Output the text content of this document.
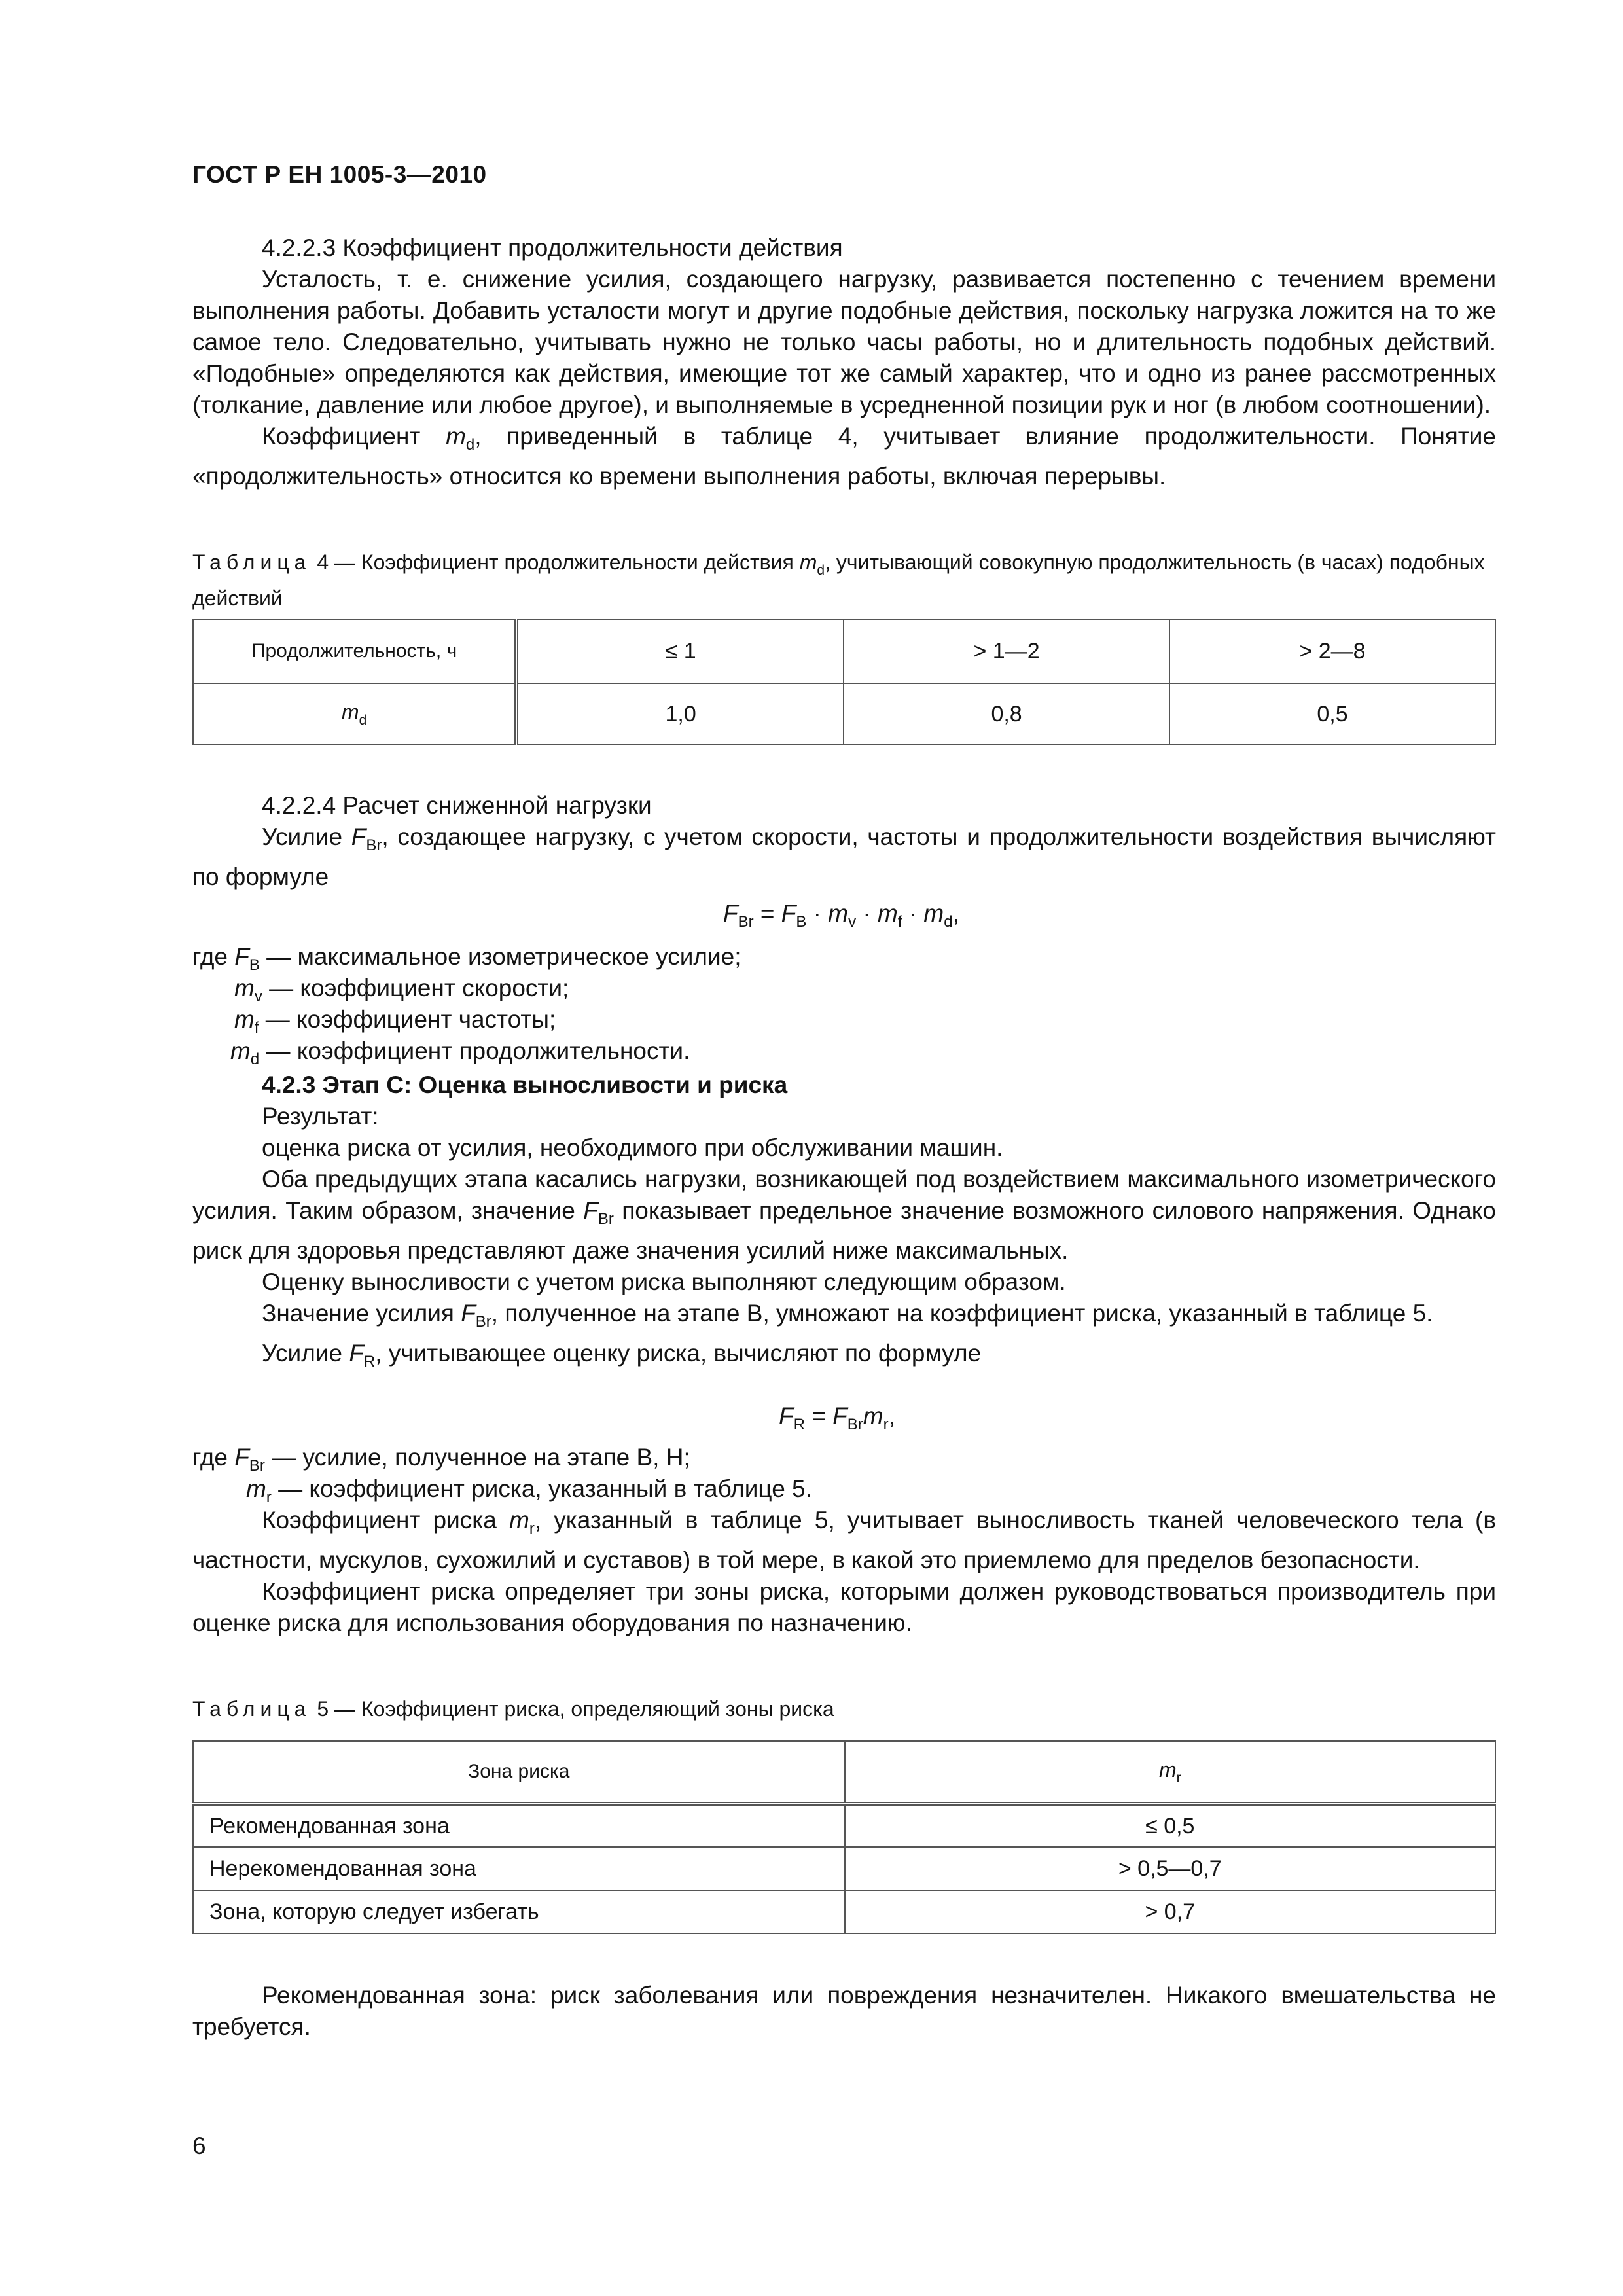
ГОСТ Р ЕН 1005-3—2010

4.2.2.3 Коэффициент продолжительности действия

Усталость, т. е. снижение усилия, создающего нагрузку, развивается постепенно с течением времени выполнения работы. Добавить усталости могут и другие подобные действия, поскольку нагрузка ложится на то же самое тело. Следовательно, учитывать нужно не только часы работы, но и длительность подобных действий. «Подобные» определяются как действия, имеющие тот же самый характер, что и одно из ранее рассмотренных (толкание, давление или любое другое), и выполняемые в усредненной позиции рук и ног (в любом соотношении).

Коэффициент $m_d$, приведенный в таблице 4, учитывает влияние продолжительности. Понятие «продолжительность» относится ко времени выполнения работы, включая перерывы.

Таблица 4 — Коэффициент продолжительности действия $m_d$, учитывающий совокупную продолжительность (в часах) подобных действий
Продолжительность, ч	≤ 1	> 1—2	> 2—8
$m_d$	1,0	0,8	0,5

4.2.2.4 Расчет сниженной нагрузки

Усилие $F_{Br}$, создающее нагрузку, с учетом скорости, частоты и продолжительности воздействия вычисляют по формуле

$F_{Br} = F_B \cdot m_v \cdot m_f \cdot m_d$,
где $F_B$ — максимальное изометрическое усилие;
$m_v$ — коэффициент скорости;
$m_f$ — коэффициент частоты;
$m_d$ — коэффициент продолжительности.

4.2.3 Этап С: Оценка выносливости и риска

Результат:

оценка риска от усилия, необходимого при обслуживании машин.

Оба предыдущих этапа касались нагрузки, возникающей под воздействием максимального изометрического усилия. Таким образом, значение $F_{Br}$ показывает предельное значение возможного силового напряжения. Однако риск для здоровья представляют даже значения усилий ниже максимальных.

Оценку выносливости с учетом риска выполняют следующим образом.

Значение усилия $F_{Br}$, полученное на этапе В, умножают на коэффициент риска, указанный в таблице 5.

Усилие $F_R$, учитывающее оценку риска, вычисляют по формуле

$F_R = F_{Br}m_r$,
где $F_{Br}$ — усилие, полученное на этапе В, Н;
$m_r$ — коэффициент риска, указанный в таблице 5.

Коэффициент риска $m_r$, указанный в таблице 5, учитывает выносливость тканей человеческого тела (в частности, мускулов, сухожилий и суставов) в той мере, в какой это приемлемо для пределов безопасности.

Коэффициент риска определяет три зоны риска, которыми должен руководствоваться производитель при оценке риска для использования оборудования по назначению.

Таблица 5 — Коэффициент риска, определяющий зоны риска
Зона риска	$m_r$
Рекомендованная зона	≤ 0,5
Нерекомендованная зона	> 0,5—0,7
Зона, которую следует избегать	> 0,7

Рекомендованная зона: риск заболевания или повреждения незначителен. Никакого вмешательства не требуется.

6
